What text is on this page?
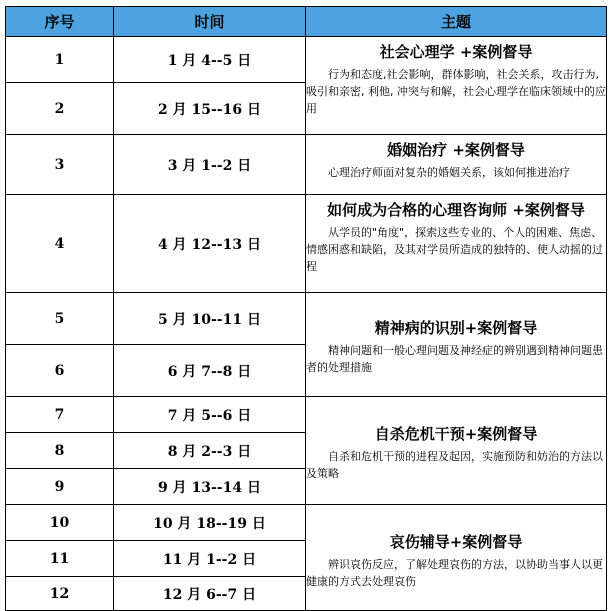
序号	时间	主题
1	1 月 4--5 日	社会心理学 +案例督导
行为和态度,社会影响，群体影响，社会关系，攻击行为, 吸引和亲密, 利他, 冲突与和解，社会心理学在临床领域中的应用

2	2 月 15--16 日	
3	3 月 1--2 日	婚姻治疗 +案例督导
心理治疗师面对复杂的婚姻关系，该如何推进治疗

4	4 月 12--13 日	如何成为合格的心理咨询师 +案例督导
从学员的"角度"，探索这些专业的、个人的困难、焦虑、情感困惑和缺陷，及其对学员所造成的独特的、使人动摇的过程

5	5 月 10--11 日	精神病的识别+案例督导
精神问题和一般心理问题及神经症的辨别遇到精神问题患者的处理措施

6	6 月 7--8 日	
7	7 月 5--6 日	自杀危机干预+案例督导
自杀和危机干预的进程及起因，实施预防和妨治的方法以及策略

8	8 月 2--3 日	
9	9 月 13--14 日	
10	10 月 18--19 日	哀伤辅导+案例督导
辨识哀伤反应，了解处理哀伤的方法，以协助当事人以更健康的方式去处理哀伤

11	11 月 1--2 日	
12	12 月 6--7 日	
